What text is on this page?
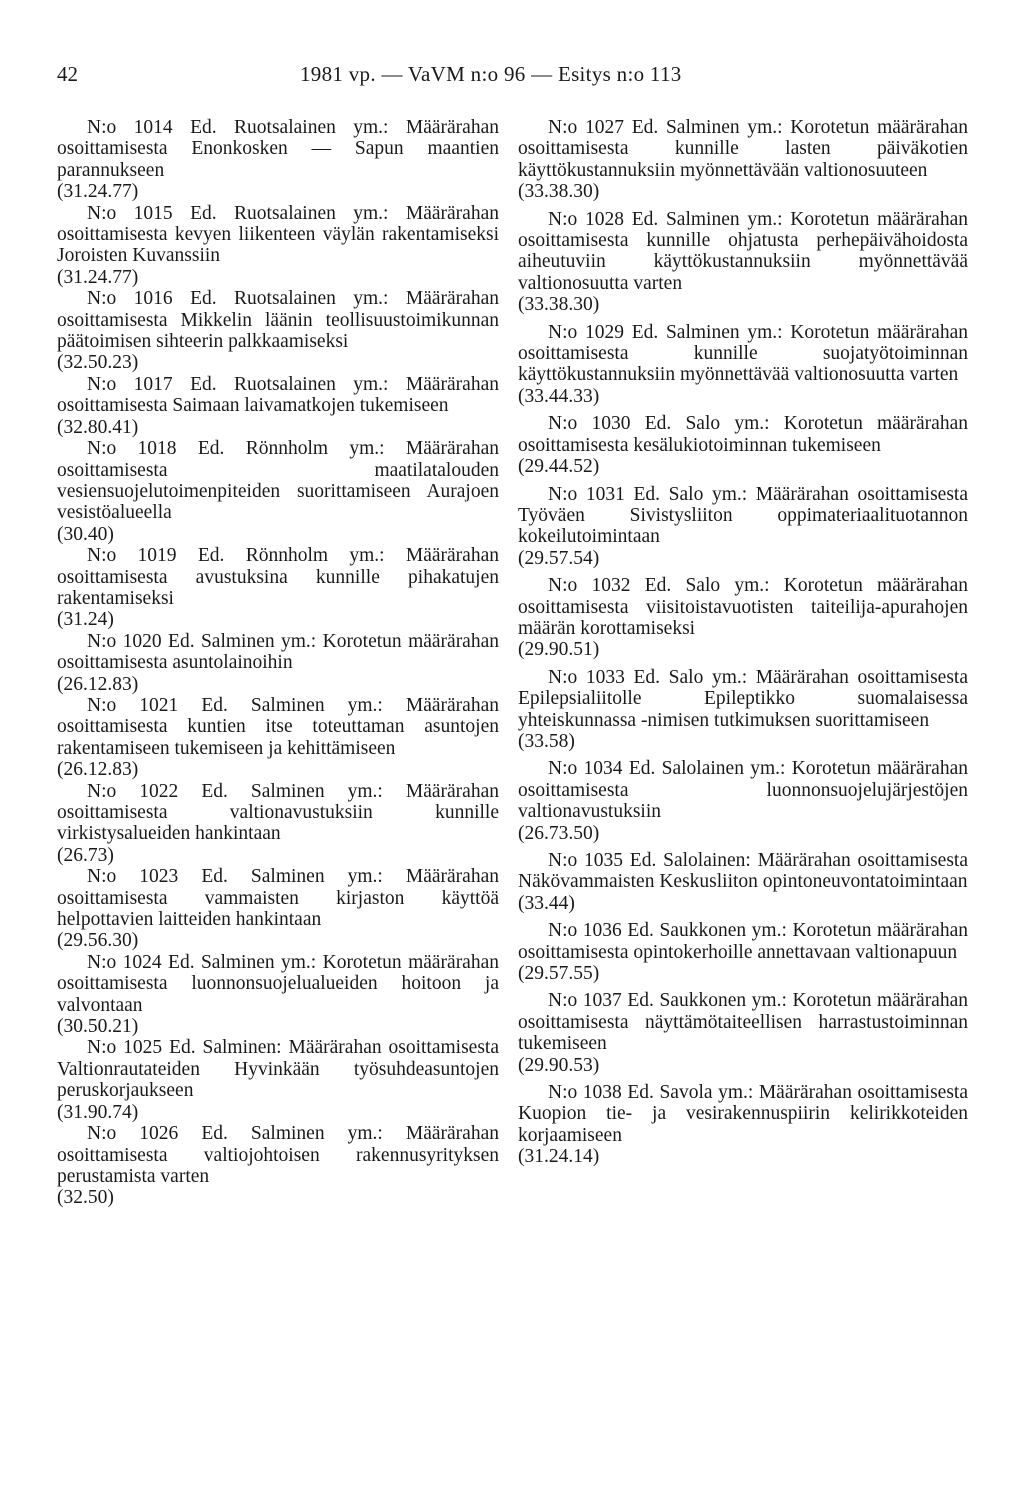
42	1981 vp. — VaVM n:o 96 — Esitys n:o 113
N:o 1014 Ed. Ruotsalainen ym.: Määrärahan osoittamisesta Enonkosken — Sapun maantien parannukseen
(31.24.77)
N:o 1015 Ed. Ruotsalainen ym.: Määrärahan osoittamisesta kevyen liikenteen väylän rakentamiseksi Joroisten Kuvanssiin
(31.24.77)
N:o 1016 Ed. Ruotsalainen ym.: Määrärahan osoittamisesta Mikkelin läänin teollisuustoimikunnan päätoimisen sihteerin palkkaamiseksi
(32.50.23)
N:o 1017 Ed. Ruotsalainen ym.: Määrärahan osoittamisesta Saimaan laivamatkojen tukemiseen
(32.80.41)
N:o 1018 Ed. Rönnholm ym.: Määrärahan osoittamisesta maatilatalouden vesiensuojelutoimenpiteiden suorittamiseen Aurajoen vesistöalueella
(30.40)
N:o 1019 Ed. Rönnholm ym.: Määrärahan osoittamisesta avustuksina kunnille pihakatujen rakentamiseksi
(31.24)
N:o 1020 Ed. Salminen ym.: Korotetun määrärahan osoittamisesta asuntolainoihin
(26.12.83)
N:o 1021 Ed. Salminen ym.: Määrärahan osoittamisesta kuntien itse toteuttaman asuntojen rakentamiseen tukemiseen ja kehittämiseen
(26.12.83)
N:o 1022 Ed. Salminen ym.: Määrärahan osoittamisesta valtionavustuksiin kunnille virkistysalueiden hankintaan
(26.73)
N:o 1023 Ed. Salminen ym.: Määrärahan osoittamisesta vammaisten kirjaston käyttöä helpottavien laitteiden hankintaan
(29.56.30)
N:o 1024 Ed. Salminen ym.: Korotetun määrärahan osoittamisesta luonnonsuojelualueiden hoitoon ja valvontaan
(30.50.21)
N:o 1025 Ed. Salminen: Määrärahan osoittamisesta Valtionrautateiden Hyvinkään työsuhdeasuntojen peruskorjaukseen
(31.90.74)
N:o 1026 Ed. Salminen ym.: Määrärahan osoittamisesta valtiojohtoisen rakennusyrityksen perustamista varten
(32.50)
N:o 1027 Ed. Salminen ym.: Korotetun määrärahan osoittamisesta kunnille lasten päiväkotien käyttökustannuksiin myönnettävään valtionosuuteen
(33.38.30)
N:o 1028 Ed. Salminen ym.: Korotetun määrärahan osoittamisesta kunnille ohjatusta perhepäivähoidosta aiheutuviin käyttökustannuksiin myönnettävää valtionosuutta varten
(33.38.30)
N:o 1029 Ed. Salminen ym.: Korotetun määrärahan osoittamisesta kunnille suojatyötoiminnan käyttökustannuksiin myönnettävää valtionosuutta varten
(33.44.33)
N:o 1030 Ed. Salo ym.: Korotetun määrärahan osoittamisesta kesälukiotoiminnan tukemiseen
(29.44.52)
N:o 1031 Ed. Salo ym.: Määrärahan osoittamisesta Työväen Sivistysliiton oppimateriaalituotannon kokeilutoimintaan
(29.57.54)
N:o 1032 Ed. Salo ym.: Korotetun määrärahan osoittamisesta viisitoistavuotisten taiteilija-apurahojen määrän korottamiseksi
(29.90.51)
N:o 1033 Ed. Salo ym.: Määrärahan osoittamisesta Epilepsialiitolle Epileptikko suomalaisessa yhteiskunnassa -nimisen tutkimuksen suorittamiseen
(33.58)
N:o 1034 Ed. Salolainen ym.: Korotetun määrärahan osoittamisesta luonnonsuojelujärjestöjen valtionavustuksiin
(26.73.50)
N:o 1035 Ed. Salolainen: Määrärahan osoittamisesta Näkövammaisten Keskusliiton opintoneuvontatoimintaan
(33.44)
N:o 1036 Ed. Saukkonen ym.: Korotetun määrärahan osoittamisesta opintokerhoille annettavaan valtionapuun
(29.57.55)
N:o 1037 Ed. Saukkonen ym.: Korotetun määrärahan osoittamisesta näyttämötaiteellisen harrastustoiminnan tukemiseen
(29.90.53)
N:o 1038 Ed. Savola ym.: Määrärahan osoittamisesta Kuopion tie- ja vesirakennuspiirin kelirikkoteiden korjaamiseen
(31.24.14)
